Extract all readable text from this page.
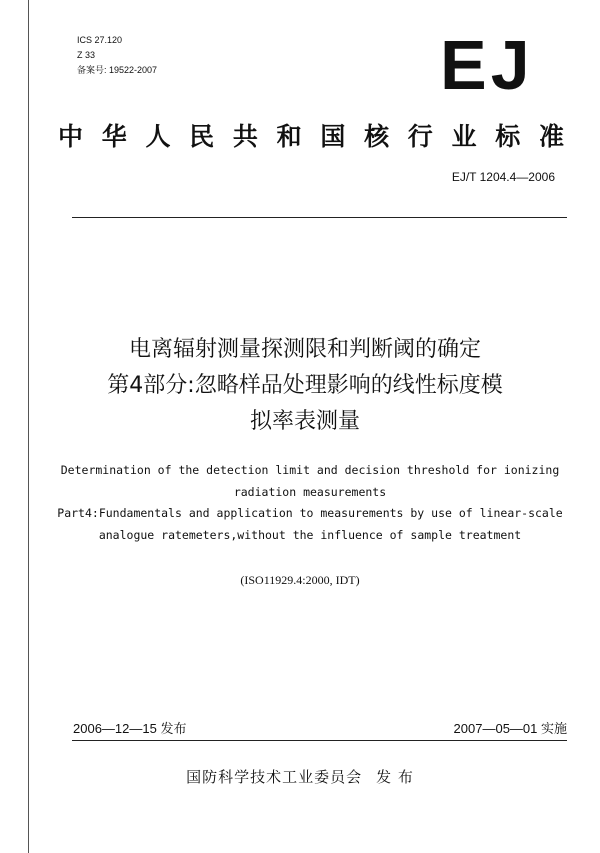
ICS 27.120
Z 33
备案号: 19522-2007	EJ
中华人民共和国核行业标准
EJ/T 1204.4—2006
电离辐射测量探测限和判断阈的确定
第4部分:忽略样品处理影响的线性标度模
拟率表测量
Determination of the detection limit and decision threshold for ionizing
radiation measurements
Part4:Fundamentals and application to measurements by use of linear-scale
analogue ratemeters,without the influence of sample treatment
(ISO11929.4:2000, IDT)
2006—12—15 发布	2007—05—01 实施
国防科学技术工业委员会 发 布
